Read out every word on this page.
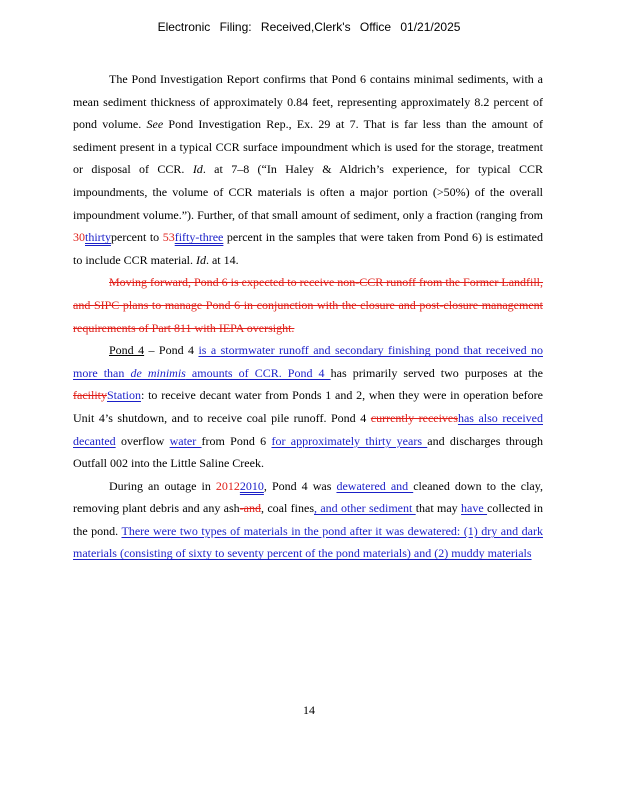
Electronic Filing: Received,Clerk's Office 01/21/2025

The Pond Investigation Report confirms that Pond 6 contains minimal sediments, with a mean sediment thickness of approximately 0.84 feet, representing approximately 8.2 percent of pond volume. See Pond Investigation Rep., Ex. 29 at 7. That is far less than the amount of sediment present in a typical CCR surface impoundment which is used for the storage, treatment or disposal of CCR. Id. at 7–8 (“In Haley & Aldrich’s experience, for typical CCR impoundments, the volume of CCR materials is often a major portion (>50%) of the overall impoundment volume.”). Further, of that small amount of sediment, only a fraction (ranging from 30thirtypercent to 53fifty-three percent in the samples that were taken from Pond 6) is estimated to include CCR material. Id. at 14.

Moving forward, Pond 6 is expected to receive non-CCR runoff from the Former Landfill, and SIPC plans to manage Pond 6 in conjunction with the closure and post-closure management requirements of Part 811 with IEPA oversight.

Pond 4 – Pond 4 is a stormwater runoff and secondary finishing pond that received no more than de minimis amounts of CCR. Pond 4 has primarily served two purposes at the facilityStation: to receive decant water from Ponds 1 and 2, when they were in operation before Unit 4’s shutdown, and to receive coal pile runoff. Pond 4 currently receiveshas also received decanted overflow water from Pond 6 for approximately thirty years and discharges through Outfall 002 into the Little Saline Creek.

During an outage in 20122010, Pond 4 was dewatered and cleaned down to the clay, removing plant debris and any ash-and, coal fines, and other sediment that may have collected in the pond. There were two types of materials in the pond after it was dewatered: (1) dry and dark materials (consisting of sixty to seventy percent of the pond materials) and (2) muddy materials

14
